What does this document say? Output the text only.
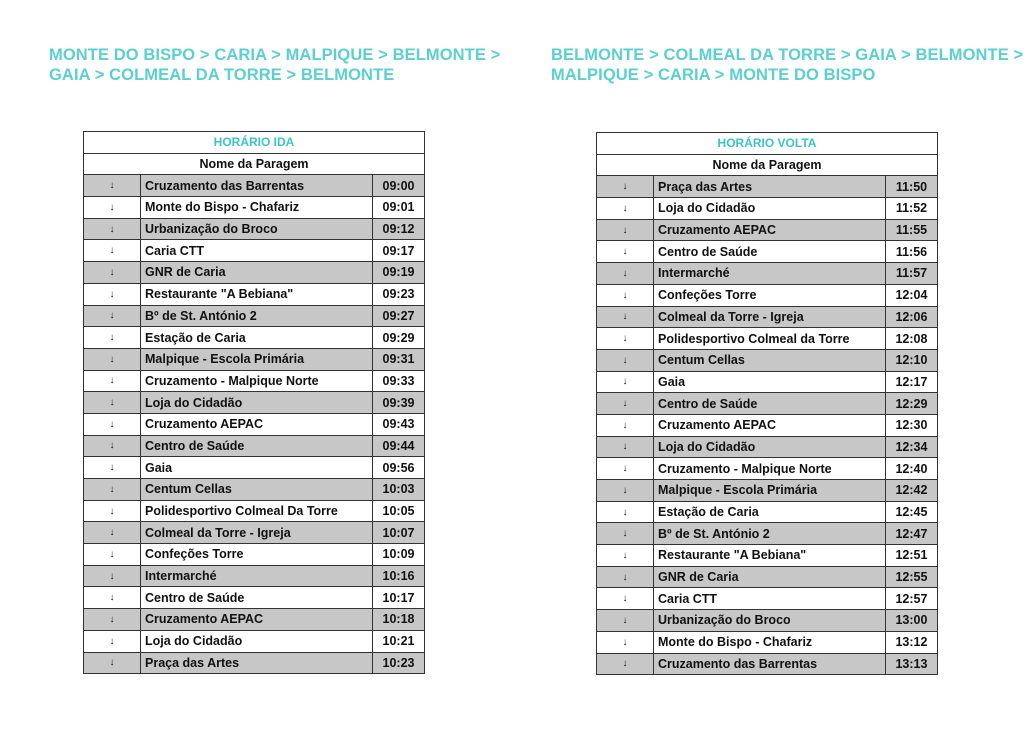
MONTE DO BISPO > CARIA > MALPIQUE > BELMONTE > GAIA > COLMEAL DA TORRE > BELMONTE

BELMONTE > COLMEAL DA TORRE > GAIA > BELMONTE > MALPIQUE > CARIA > MONTE DO BISPO

HORÁRIO IDA		
Nome da Paragem		
↓	Cruzamento das Barrentas	09:00
↓	Monte do Bispo - Chafariz	09:01
↓	Urbanização do Broco	09:12
↓	Caria CTT	09:17
↓	GNR de Caria	09:19
↓	Restaurante "A Bebiana"	09:23
↓	Bº de St. António 2	09:27
↓	Estação de Caria	09:29
↓	Malpique - Escola Primária	09:31
↓	Cruzamento - Malpique Norte	09:33
↓	Loja do Cidadão	09:39
↓	Cruzamento AEPAC	09:43
↓	Centro de Saúde	09:44
↓	Gaia	09:56
↓	Centum Cellas	10:03
↓	Polidesportivo Colmeal Da Torre	10:05
↓	Colmeal da Torre - Igreja	10:07
↓	Confeções Torre	10:09
↓	Intermarché	10:16
↓	Centro de Saúde	10:17
↓	Cruzamento AEPAC	10:18
↓	Loja do Cidadão	10:21
↓	Praça das Artes	10:23
HORÁRIO VOLTA		
Nome da Paragem		
↓	Praça das Artes	11:50
↓	Loja do Cidadão	11:52
↓	Cruzamento AEPAC	11:55
↓	Centro de Saúde	11:56
↓	Intermarché	11:57
↓	Confeções Torre	12:04
↓	Colmeal da Torre - Igreja	12:06
↓	Polidesportivo Colmeal da Torre	12:08
↓	Centum Cellas	12:10
↓	Gaia	12:17
↓	Centro de Saúde	12:29
↓	Cruzamento AEPAC	12:30
↓	Loja do Cidadão	12:34
↓	Cruzamento - Malpique Norte	12:40
↓	Malpique - Escola Primária	12:42
↓	Estação de Caria	12:45
↓	Bº de St. António 2	12:47
↓	Restaurante "A Bebiana"	12:51
↓	GNR de Caria	12:55
↓	Caria CTT	12:57
↓	Urbanização do Broco	13:00
↓	Monte do Bispo - Chafariz	13:12
↓	Cruzamento das Barrentas	13:13
